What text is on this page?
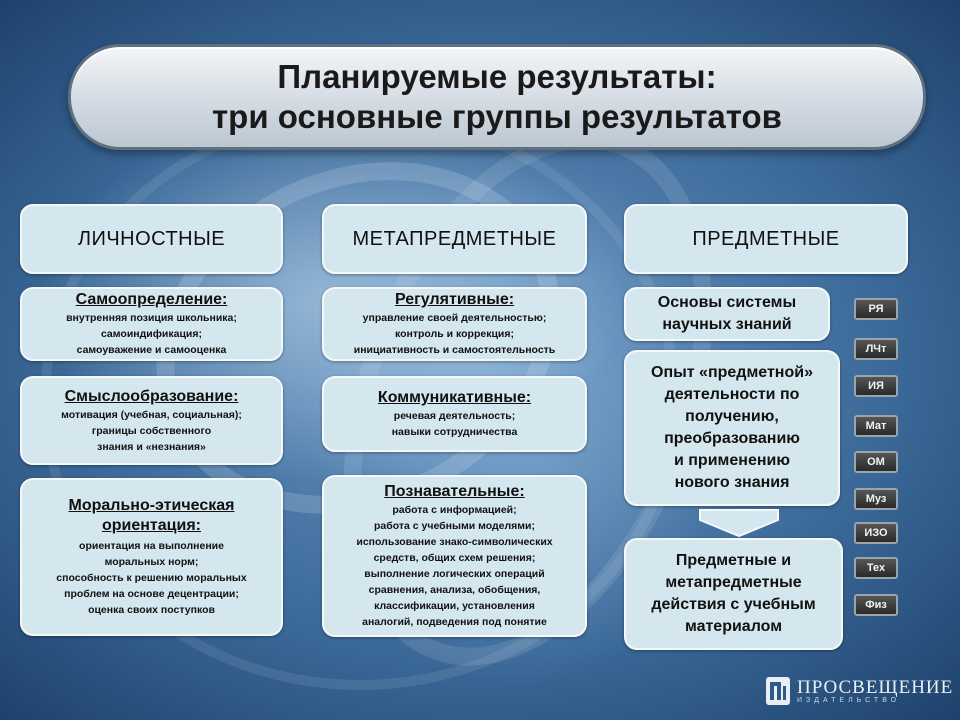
Планируемые результаты:
три основные группы результатов
ЛИЧНОСТНЫЕ	МЕТАПРЕДМЕТНЫЕ	ПРЕДМЕТНЫЕ
Самоопределение:
внутренняя позиция школьника;
самоиндификация;
самоуважение и самооценка
Смыслообразование:
мотивация (учебная, социальная);
границы собственного
знания и «незнания»
Морально-этическая
ориентация:
ориентация на выполнение
моральных норм;
способность к решению моральных
проблем на основе децентрации;
оценка своих поступков
Регулятивные:
управление своей деятельностью;
контроль и коррекция;
инициативность и самостоятельность
Коммуникативные:
речевая деятельность;
навыки сотрудничества
Познавательные:
работа с информацией;
работа с учебными моделями;
использование знако-символических
средств, общих схем решения;
выполнение логических операций
сравнения, анализа, обобщения,
классификации, установления
аналогий, подведения под понятие
Основы системы
научных знаний
Опыт «предметной»
деятельности по
получению,
преобразованию
и применению
нового знания
Предметные и
метапредметные
действия с учебным
материалом
РЯ
ЛЧт
ИЯ
Мат
ОМ
Муз
ИЗО
Тех
Физ
ПРОСВЕЩЕНИЕ
ИЗДАТЕЛЬСТВО
